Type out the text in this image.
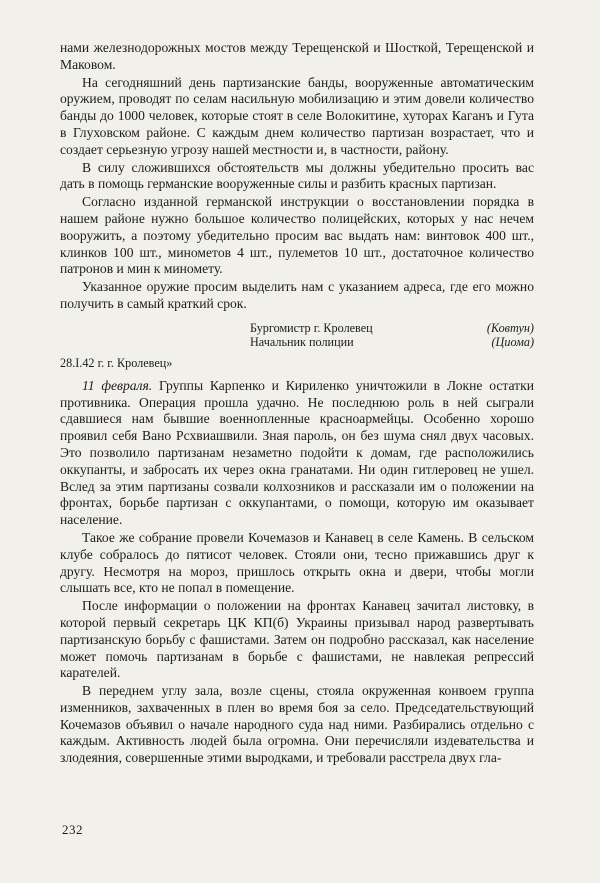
нами железнодорожных мостов между Терещенской и Шосткой, Терещенской и Маковом.

На сегодняшний день партизанские банды, вооруженные автоматическим оружием, проводят по селам насильную мобилизацию и этим довели количество банды до 1000 человек, которые стоят в селе Волокитине, хуторах Каганъ и Гута в Глуховском районе. С каждым днем количество партизан возрастает, что и создает серьезную угрозу нашей местности и, в частности, району.

В силу сложившихся обстоятельств мы должны убедительно просить вас дать в помощь германские вооруженные силы и разбить красных партизан.

Согласно изданной германской инструкции о восстановлении порядка в нашем районе нужно большое количество полицейских, которых у нас нечем вооружить, а поэтому убедительно просим вас выдать нам: винтовок 400 шт., клинков 100 шт., минометов 4 шт., пулеметов 10 шт., достаточное количество патронов и мин к миномету.

Указанное оружие просим выделить нам с указанием адреса, где его можно получить в самый краткий срок.

Бургомистр г. Кролевец	(Ковтун)
Начальник полиции	(Циома)
28.I.42 г. г. Кролевец»

11 февраля. Группы Карпенко и Кириленко уничтожили в Локне остатки противника. Операция прошла удачно. Не последнюю роль в ней сыграли сдавшиеся нам бывшие военнопленные красноармейцы. Особенно хорошо проявил себя Вано Рсхвиашвили. Зная пароль, он без шума снял двух часовых. Это позволило партизанам незаметно подойти к домам, где расположились оккупанты, и забросать их через окна гранатами. Ни один гитлеровец не ушел. Вслед за этим партизаны созвали колхозников и рассказали им о положении на фронтах, борьбе партизан с оккупантами, о помощи, которую им оказывает население.

Такое же собрание провели Кочемазов и Канавец в селе Камень. В сельском клубе собралось до пятисот человек. Стояли они, тесно прижавшись друг к другу. Несмотря на мороз, пришлось открыть окна и двери, чтобы могли слышать все, кто не попал в помещение.

После информации о положении на фронтах Канавец зачитал листовку, в которой первый секретарь ЦК КП(б) Украины призывал народ развертывать партизанскую борьбу с фашистами. Затем он подробно рассказал, как население может помочь партизанам в борьбе с фашистами, не навлекая репрессий карателей.

В переднем углу зала, возле сцены, стояла окруженная конвоем группа изменников, захваченных в плен во время боя за село. Председательствующий Кочемазов объявил о начале народного суда над ними. Разбирались отдельно с каждым. Активность людей была огромна. Они перечисляли издевательства и злодеяния, совершенные этими выродками, и требовали расстрела двух гла-

232
